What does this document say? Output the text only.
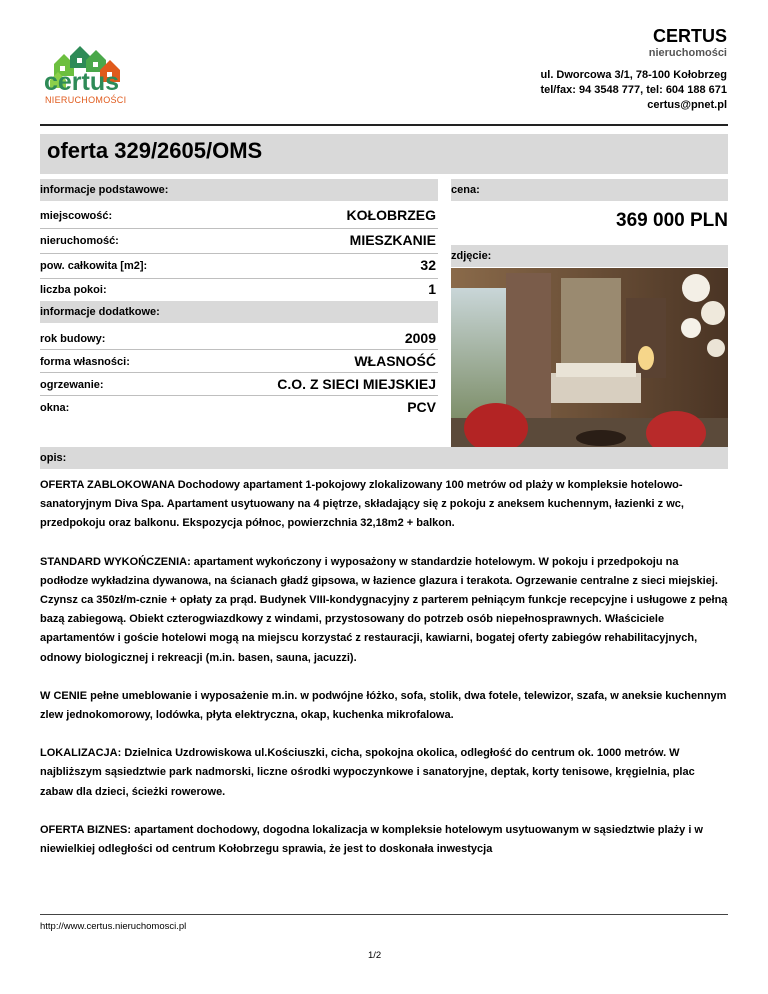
certus
NIERUCHOMOŚCI
CERTUS
nieruchomości
ul. Dworcowa 3/1, 78-100 Kołobrzeg
tel/fax: 94 3548 777, tel: 604 188 671
certus@pnet.pl
oferta 329/2605/OMS
informacje podstawowe:
miejscowość:	KOŁOBRZEG
nieruchomość:	MIESZKANIE
pow. całkowita [m2]:	32
liczba pokoi:	1
informacje dodatkowe:
rok budowy:	2009
forma własności:	WŁASNOŚĆ
ogrzewanie:	C.O. Z SIECI MIEJSKIEJ
okna:	PCV
cena:
369 000 PLN
zdjęcie:
opis:

OFERTA ZABLOKOWANA Dochodowy apartament 1-pokojowy zlokalizowany 100 metrów od plaży w kompleksie hotelowo-sanatoryjnym Diva Spa. Apartament usytuowany na 4 piętrze, składający się z pokoju z aneksem kuchennym, łazienki z wc, przedpokoju oraz balkonu. Ekspozycja północ, powierzchnia 32,18m2 + balkon.

STANDARD WYKOŃCZENIA: apartament wykończony i wyposażony w standardzie hotelowym. W pokoju i przedpokoju na podłodze wykładzina dywanowa, na ścianach gładź gipsowa, w łazience glazura i terakota. Ogrzewanie centralne z sieci miejskiej. Czynsz ca 350zł/m-cznie + opłaty za prąd. Budynek VIII-kondygnacyjny z parterem pełniącym funkcje recepcyjne i usługowe z pełną bazą zabiegową. Obiekt czterogwiazdkowy z windami, przystosowany do potrzeb osób niepełnosprawnych. Właściciele apartamentów i goście hotelowi mogą na miejscu korzystać z restauracji, kawiarni, bogatej oferty zabiegów rehabilitacyjnych, odnowy biologicznej i rekreacji (m.in. basen, sauna, jacuzzi).

W CENIE pełne umeblowanie i wyposażenie m.in. w podwójne łóżko, sofa, stolik, dwa fotele, telewizor, szafa, w aneksie kuchennym zlew jednokomorowy, lodówka, płyta elektryczna, okap, kuchenka mikrofalowa.

LOKALIZACJA: Dzielnica Uzdrowiskowa ul.Kościuszki, cicha, spokojna okolica, odległość do centrum ok. 1000 metrów. W najbliższym sąsiedztwie park nadmorski, liczne ośrodki wypoczynkowe i sanatoryjne, deptak, korty tenisowe, kręgielnia, plac zabaw dla dzieci, ścieżki rowerowe.

OFERTA BIZNES: apartament dochodowy, dogodna lokalizacja w kompleksie hotelowym usytuowanym w sąsiedztwie plaży i w niewielkiej odległości od centrum Kołobrzegu sprawia, że jest to doskonała inwestycja

http://www.certus.nieruchomosci.pl
1/2
